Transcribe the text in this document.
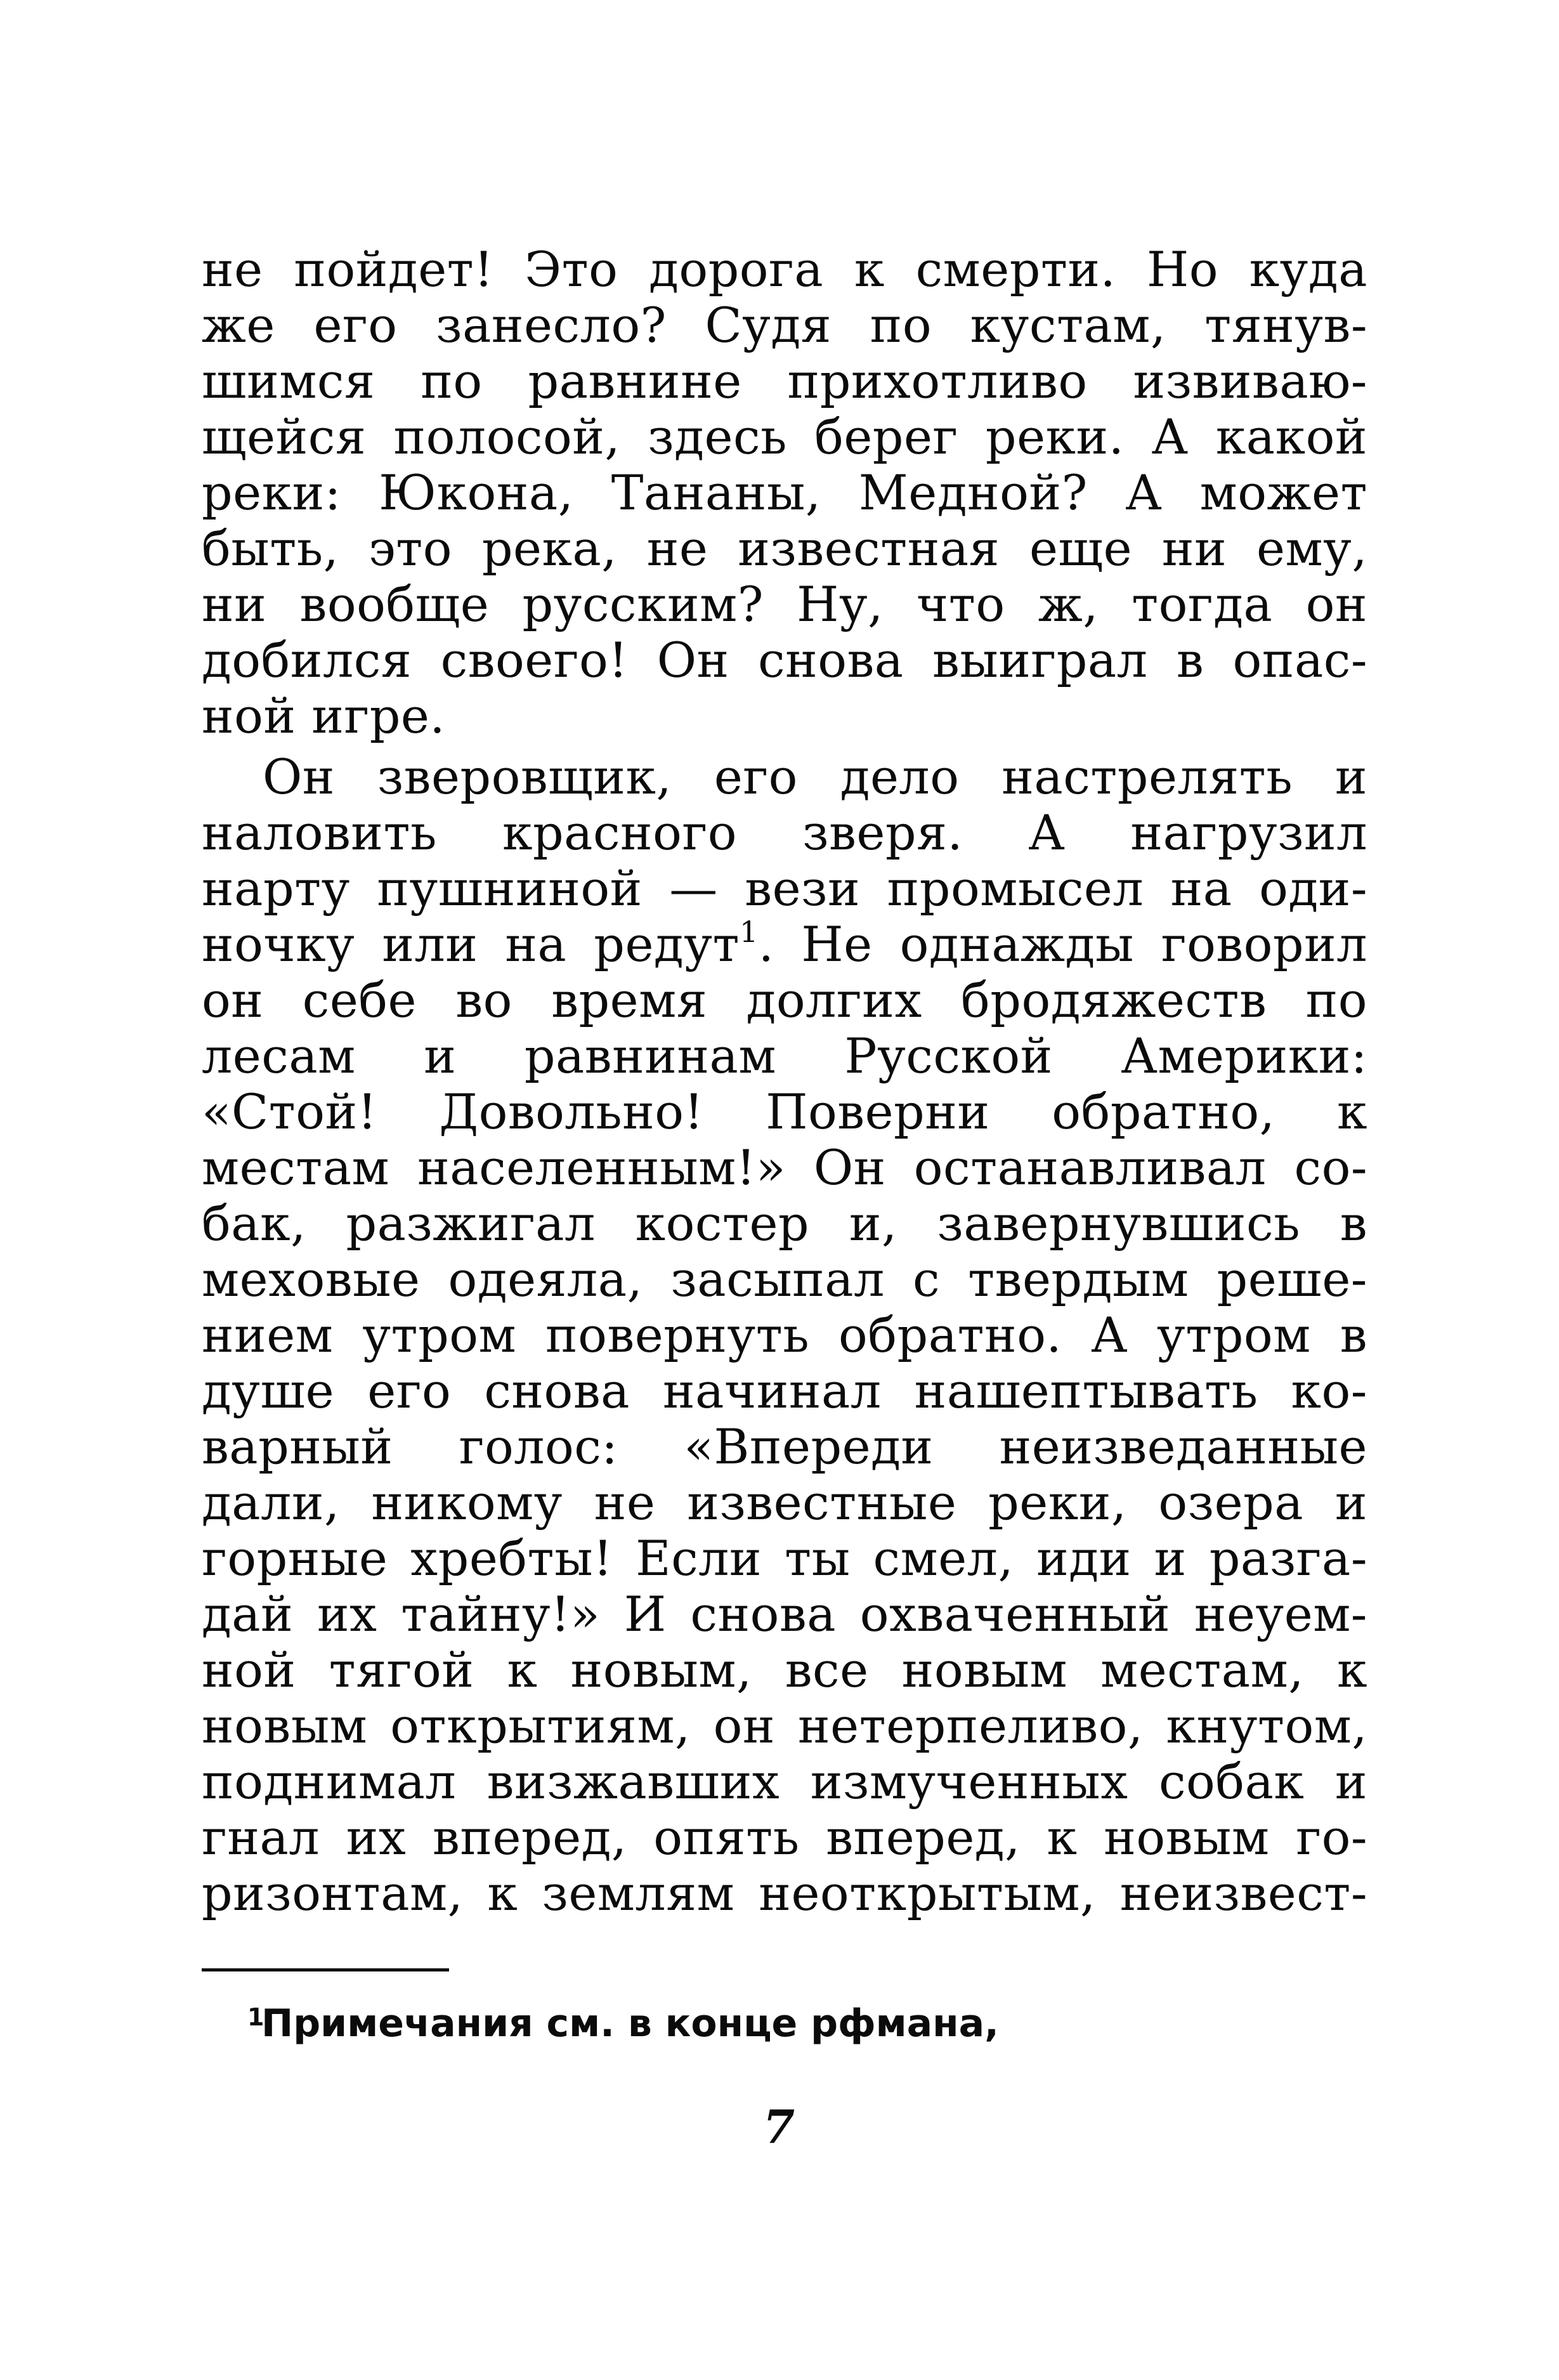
не пойдет! Это дорога к смерти. Но куда
же его занесло? Судя по кустам, тянув-
шимся по равнине прихотливо извиваю-
щейся полосой, здесь берег реки. А какой
реки: Юкона, Тананы, Медной? А может
быть, это река, не известная еще ни ему,
ни вообще русским? Ну, что ж, тогда он
добился своего! Он снова выиграл в опас-
ной игре.
Он зверовщик, его дело настрелять и
наловить красного зверя. А нагрузил
нарту пушниной — вези промысел на оди-
ночку или на редут$^1$. Не однажды говорил
он себе во время долгих бродяжеств по
лесам и равнинам Русской Америки:
«Стой! Довольно! Поверни обратно, к
местам населенным!» Он останавливал со-
бак, разжигал костер и, завернувшись в
меховые одеяла, засыпал с твердым реше-
нием утром повернуть обратно. А утром в
душе его снова начинал нашептывать ко-
варный голос: «Впереди неизведанные
дали, никому не известные реки, озера и
горные хребты! Если ты смел, иди и разга-
дай их тайну!» И снова охваченный неуем-
ной тягой к новым, все новым местам, к
новым открытиям, он нетерпеливо, кнутом,
поднимал визжавших измученных собак и
гнал их вперед, опять вперед, к новым го-
ризонтам, к землям неоткрытым, неизвест-
1
Примечания см. в конце рфмана,
7
